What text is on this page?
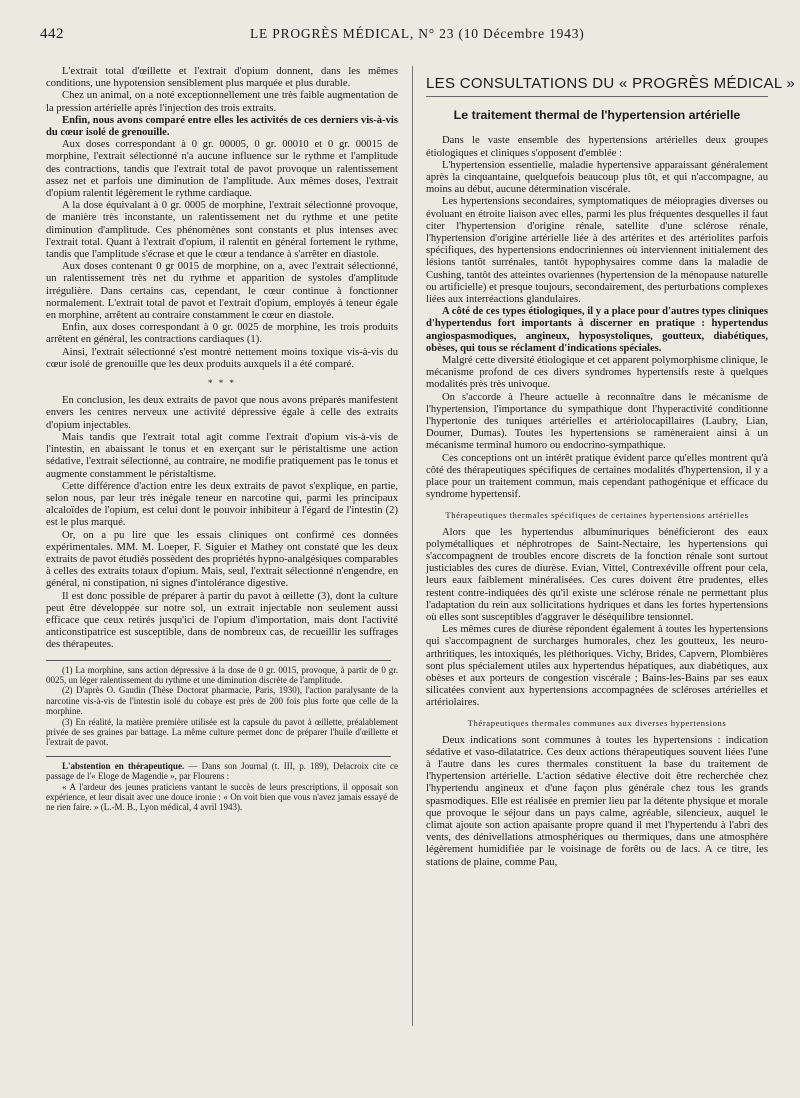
442	LE PROGRÈS MÉDICAL, N° 23 (10 Décembre 1943)

L'extrait total d'œillette et l'extrait d'opium donnent, dans les mêmes conditions, une hypotension sensiblement plus marquée et plus durable.

Chez un animal, on a noté exceptionnellement une très faible augmentation de la pression artérielle après l'injection des trois extraits.

Enfin, nous avons comparé entre elles les activités de ces derniers vis-à-vis du cœur isolé de grenouille.

Aux doses correspondant à 0 gr. 00005, 0 gr. 00010 et 0 gr. 00015 de morphine, l'extrait sélectionné n'a aucune influence sur le rythme et l'amplitude des contractions, tandis que l'extrait total de pavot provoque un ralentissement assez net et parfois une diminution de l'amplitude. Aux mêmes doses, l'extrait d'opium ralentit légèrement le rythme cardiaque.

A la dose équivalant à 0 gr. 0005 de morphine, l'extrait sélectionné provoque, de manière très inconstante, un ralentissement net du rythme et une petite diminution d'amplitude. Ces phénomènes sont constants et plus intenses avec l'extrait total. Quant à l'extrait d'opium, il ralentit en général fortement le rythme, tandis que l'amplitude s'écrase et que le cœur a tendance à s'arrêter en diastole.

Aux doses contenant 0 gr 0015 de morphine, on a, avec l'extrait sélectionné, un ralentissement très net du rythme et apparition de systoles d'amplitude irrégulière. Dans certains cas, cependant, le cœur continue à fonctionner normalement. L'extrait total de pavot et l'extrait d'opium, employés à teneur égale en morphine, arrêtent au contraire constamment le cœur en diastole.

Enfin, aux doses correspondant à 0 gr. 0025 de morphine, les trois produits arrêtent en général, les contractions cardiaques (1).

Ainsi, l'extrait sélectionné s'est montré nettement moins toxique vis-à-vis du cœur isolé de grenouille que les deux produits auxquels il a été comparé.

* * *

En conclusion, les deux extraits de pavot que nous avons préparés manifestent envers les centres nerveux une activité dépressive égale à celle des extraits d'opium injectables.

Mais tandis que l'extrait total agit comme l'extrait d'opium vis-à-vis de l'intestin, en abaissant le tonus et en exerçant sur le péristaltisme une action sédative, l'extrait sélectionné, au contraire, ne modifie pratiquement pas le tonus et augmente constamment le péristaltisme.

Cette différence d'action entre les deux extraits de pavot s'explique, en partie, selon nous, par leur très inégale teneur en narcotine qui, parmi les principaux alcaloïdes de l'opium, est celui dont le pouvoir inhibiteur à l'égard de l'intestin (2) est le plus marqué.

Or, on a pu lire que les essais cliniques ont confirmé ces données expérimentales. MM. M. Loeper, F. Siguier et Mathey ont constaté que les deux extraits de pavot étudiés possèdent des propriétés hypno-analgésiques comparables à celles des extraits totaux d'opium. Mais, seul, l'extrait sélectionné n'engendre, en général, ni constipation, ni signes d'intolérance digestive.

Il est donc possible de préparer à partir du pavot à œillette (3), dont la culture peut être développée sur notre sol, un extrait injectable non seulement aussi efficace que ceux retirés jusqu'ici de l'opium d'importation, mais dont l'activité anticonstipatrice est susceptible, dans de nombreux cas, de recueillir les suffrages des thérapeutes.

(1) La morphine, sans action dépressive à la dose de 0 gr. 0015, provoque, à partir de 0 gr. 0025, un léger ralentissement du rythme et une diminution discrète de l'amplitude.

(2) D'après O. Gaudin (Thèse Doctorat pharmacie, Paris, 1930), l'action paralysante de la narcotine vis-à-vis de l'intestin isolé du cobaye est près de 200 fois plus forte que celle de la morphine.

(3) En réalité, la matière première utilisée est la capsule du pavot à œillette, préalablement privée de ses graines par battage. La même culture permet donc de préparer l'huile d'œillette et l'extrait de pavot.

L'abstention en thérapeutique. — Dans son Journal (t. III, p. 189), Delacroix cite ce passage de l'« Eloge de Magendie », par Flourens :

« A l'ardeur des jeunes praticiens vantant le succès de leurs prescriptions, il opposait son expérience, et leur disait avec une douce ironie : « On voit bien que vous n'avez jamais essayé de ne rien faire. » (L.-M. B., Lyon médical, 4 avril 1943).

LES CONSULTATIONS DU « PROGRÈS MÉDICAL »
Le traitement thermal de l'hypertension artérielle

Dans le vaste ensemble des hypertensions artérielles deux groupes étiologiques et cliniques s'opposent d'emblée :

L'hypertension essentielle, maladie hypertensive apparaissant généralement après la cinquantaine, quelquefois beaucoup plus tôt, et qui n'accompagne, au moins au début, aucune détermination viscérale.

Les hypertensions secondaires, symptomatiques de méiopragies diverses ou évoluant en étroite liaison avec elles, parmi les plus fréquentes desquelles il faut citer l'hypertension d'origine rénale, satellite d'une sclérose rénale, l'hypertension d'origine artérielle liée à des artérites et des artériolites parfois spécifiques, des hypertensions endocriniennes où interviennent initialement des lésions tantôt surrénales, tantôt hypophysaires comme dans la maladie de Cushing, tantôt des atteintes ovariennes (hypertension de la ménopause naturelle ou artificielle) et presque toujours, secondairement, des perturbations complexes liées aux interréactions glandulaires.

A côté de ces types étiologiques, il y a place pour d'autres types cliniques d'hypertendus fort importants à discerner en pratique : hypertendus angiospasmodiques, angineux, hyposystoliques, goutteux, diabétiques, obèses, qui tous se réclament d'indications spéciales.

Malgré cette diversité étiologique et cet apparent polymorphisme clinique, le mécanisme profond de ces divers syndromes hypertensifs reste à quelques modalités près très univoque.

On s'accorde à l'heure actuelle à reconnaître dans le mécanisme de l'hypertension, l'importance du sympathique dont l'hyperactivité conditionne l'hypertonie des tuniques artérielles et artériolocapillaires (Laubry, Lian, Doumer, Dumas). Toutes les hypertensions se ramèneraient ainsi à un mécanisme terminal humoro ou endocrino-sympathique.

Ces conceptions ont un intérêt pratique évident parce qu'elles montrent qu'à côté des thérapeutiques spécifiques de certaines modalités d'hypertension, il y a place pour un traitement commun, mais cependant pathogénique et efficace du syndrome hypertensif.

Thérapeutiques thermales spécifiques de certaines hypertensions artérielles

Alors que les hypertendus albuminuriques bénéficieront des eaux polymétalliques et néphrotropes de Saint-Nectaire, les hypertensions qui s'accompagnent de troubles encore discrets de la fonction rénale sont surtout justiciables des cures de diurèse. Evian, Vittel, Contrexéville offrent pour cela, leurs eaux faiblement minéralisées. Ces cures doivent être prudentes, elles restent contre-indiquées dès qu'il existe une sclérose rénale ne permettant plus l'adaptation du rein aux sollicitations hydriques et dans les fortes hypertensions où elles sont susceptibles d'aggraver le déséquilibre tensionnel.

Les mêmes cures de diurèse répondent également à toutes les hypertensions qui s'accompagnent de surcharges humorales, chez les goutteux, les neuro-arthritiques, les intoxiqués, les pléthoriques. Vichy, Brides, Capvern, Plombières sont plus spécialement utiles aux hypertendus hépatiques, aux diabétiques, aux obèses et aux porteurs de congestion viscérale ; Bains-les-Bains par ses eaux silicatées convient aux hypertensions accompagnées de scléroses artérielles et artériolaires.

Thérapeutiques thermales communes aux diverses hypertensions

Deux indications sont communes à toutes les hypertensions : indication sédative et vaso-dilatatrice. Ces deux actions thérapeutiques souvent liées l'une à l'autre dans les cures thermales constituent la base du traitement de l'hypertension artérielle. L'action sédative élective doit être recherchée chez l'hypertendu angineux et d'une façon plus générale chez tous les grands spasmodiques. Elle est réalisée en premier lieu par la détente physique et morale que provoque le séjour dans un pays calme, agréable, silencieux, auquel le climat ajoute son action apaisante propre quand il met l'hypertendu à l'abri des vents, des dénivellations atmosphériques ou thermiques, dans une atmosphère légèrement humidifiée par le voisinage de forêts ou de lacs. A ce titre, les stations de plaine, comme Pau,
